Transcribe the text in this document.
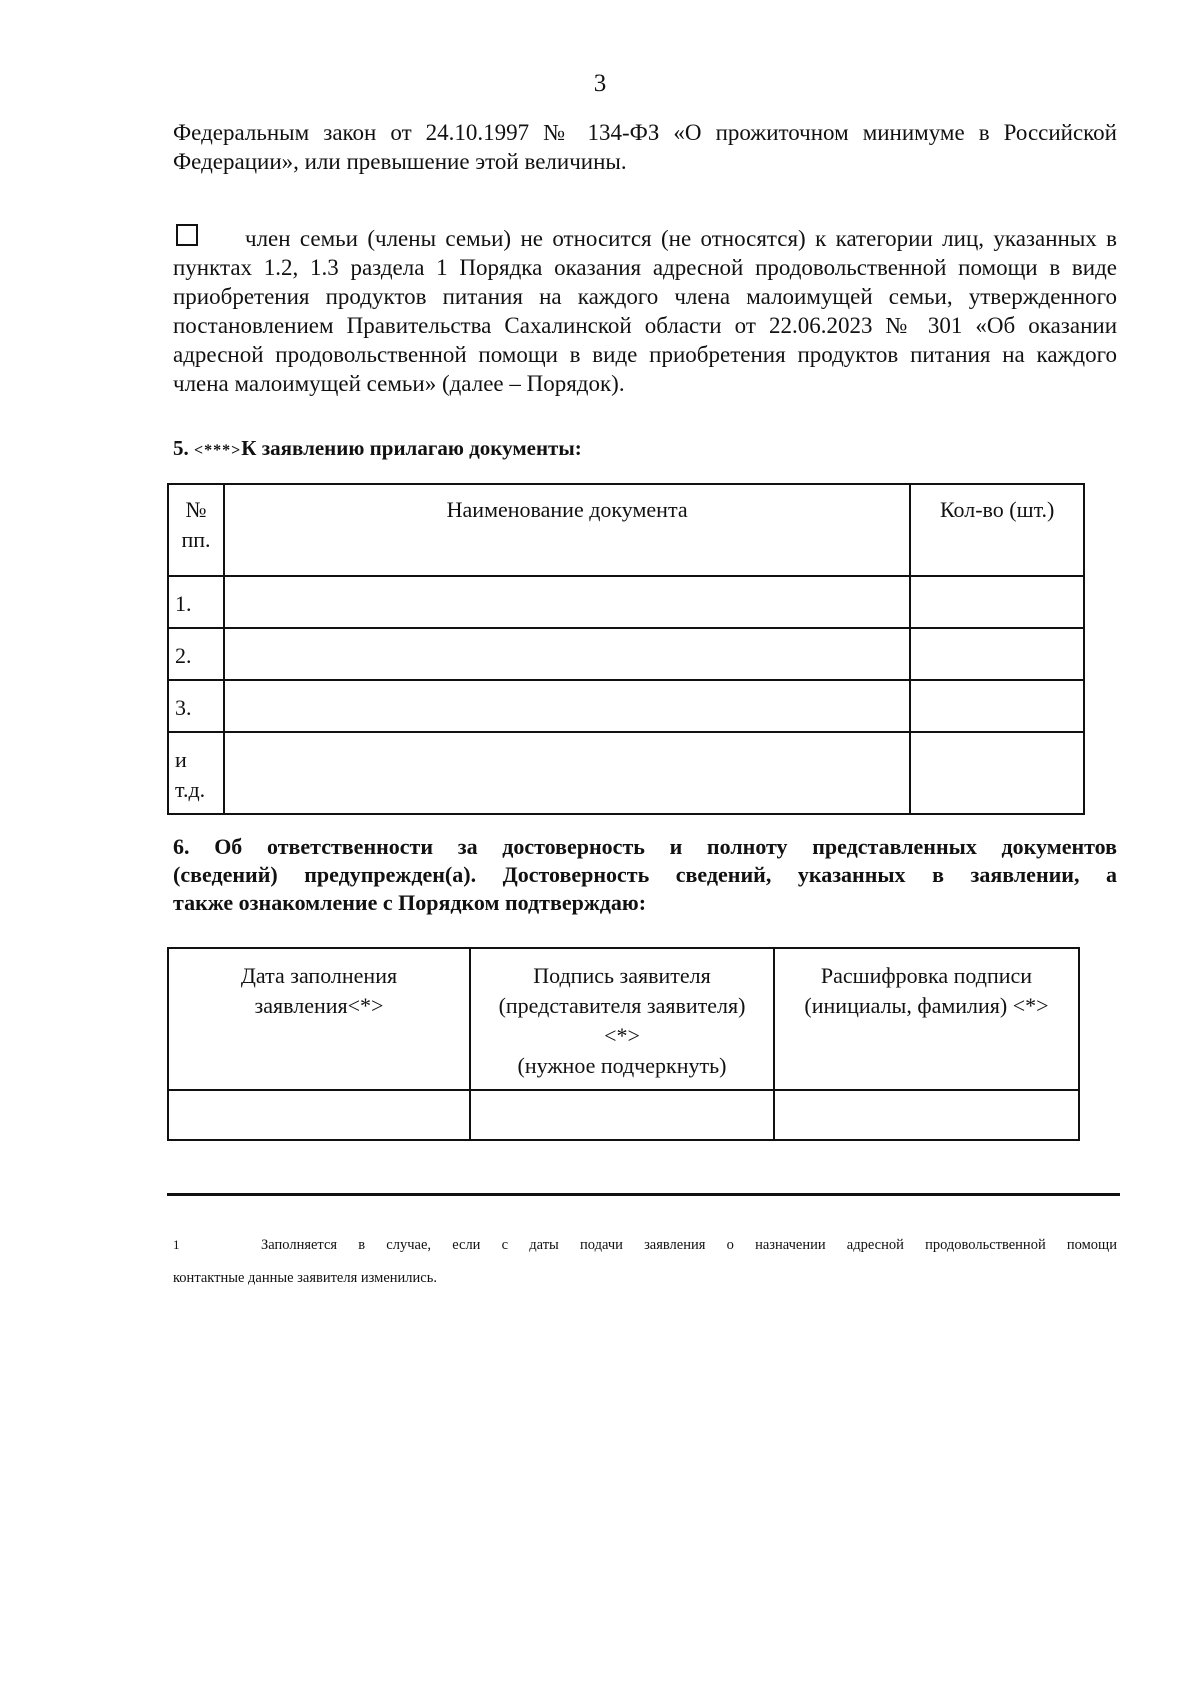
3
Федеральным закон от 24.10.1997 № 134-ФЗ «О прожиточном минимуме в Российской
Федерации», или превышение этой величины.
член семьи (члены семьи) не относится (не относятся) к категории лиц, указанных в
пунктах 1.2, 1.3 раздела 1 Порядка оказания адресной продовольственной помощи в виде
приобретения продуктов питания на каждого члена малоимущей семьи, утвержденного
постановлением Правительства Сахалинской области от 22.06.2023 № 301 «Об оказании
адресной продовольственной помощи в виде приобретения продуктов питания на каждого
члена малоимущей семьи» (далее – Порядок).
5. <***>К заявлению прилагаю документы:
№
пп.	Наименование документа	Кол-во (шт.)
1.		
2.		
3.		
и
т.д.		
6. Об ответственности за достоверность и полноту представленных документов
(сведений) предупрежден(а). Достоверность сведений, указанных в заявлении, а
также ознакомление с Порядком подтверждаю:
Дата заполнения
заявления<*>	Подпись заявителя
(представителя заявителя)
<*>
(нужное подчеркнуть)	Расшифровка подписи
(инициалы, фамилия) <*>

1	Заполняется в случае, если с даты подачи заявления о назначении адресной продовольственной помощи
контактные данные заявителя изменились.
